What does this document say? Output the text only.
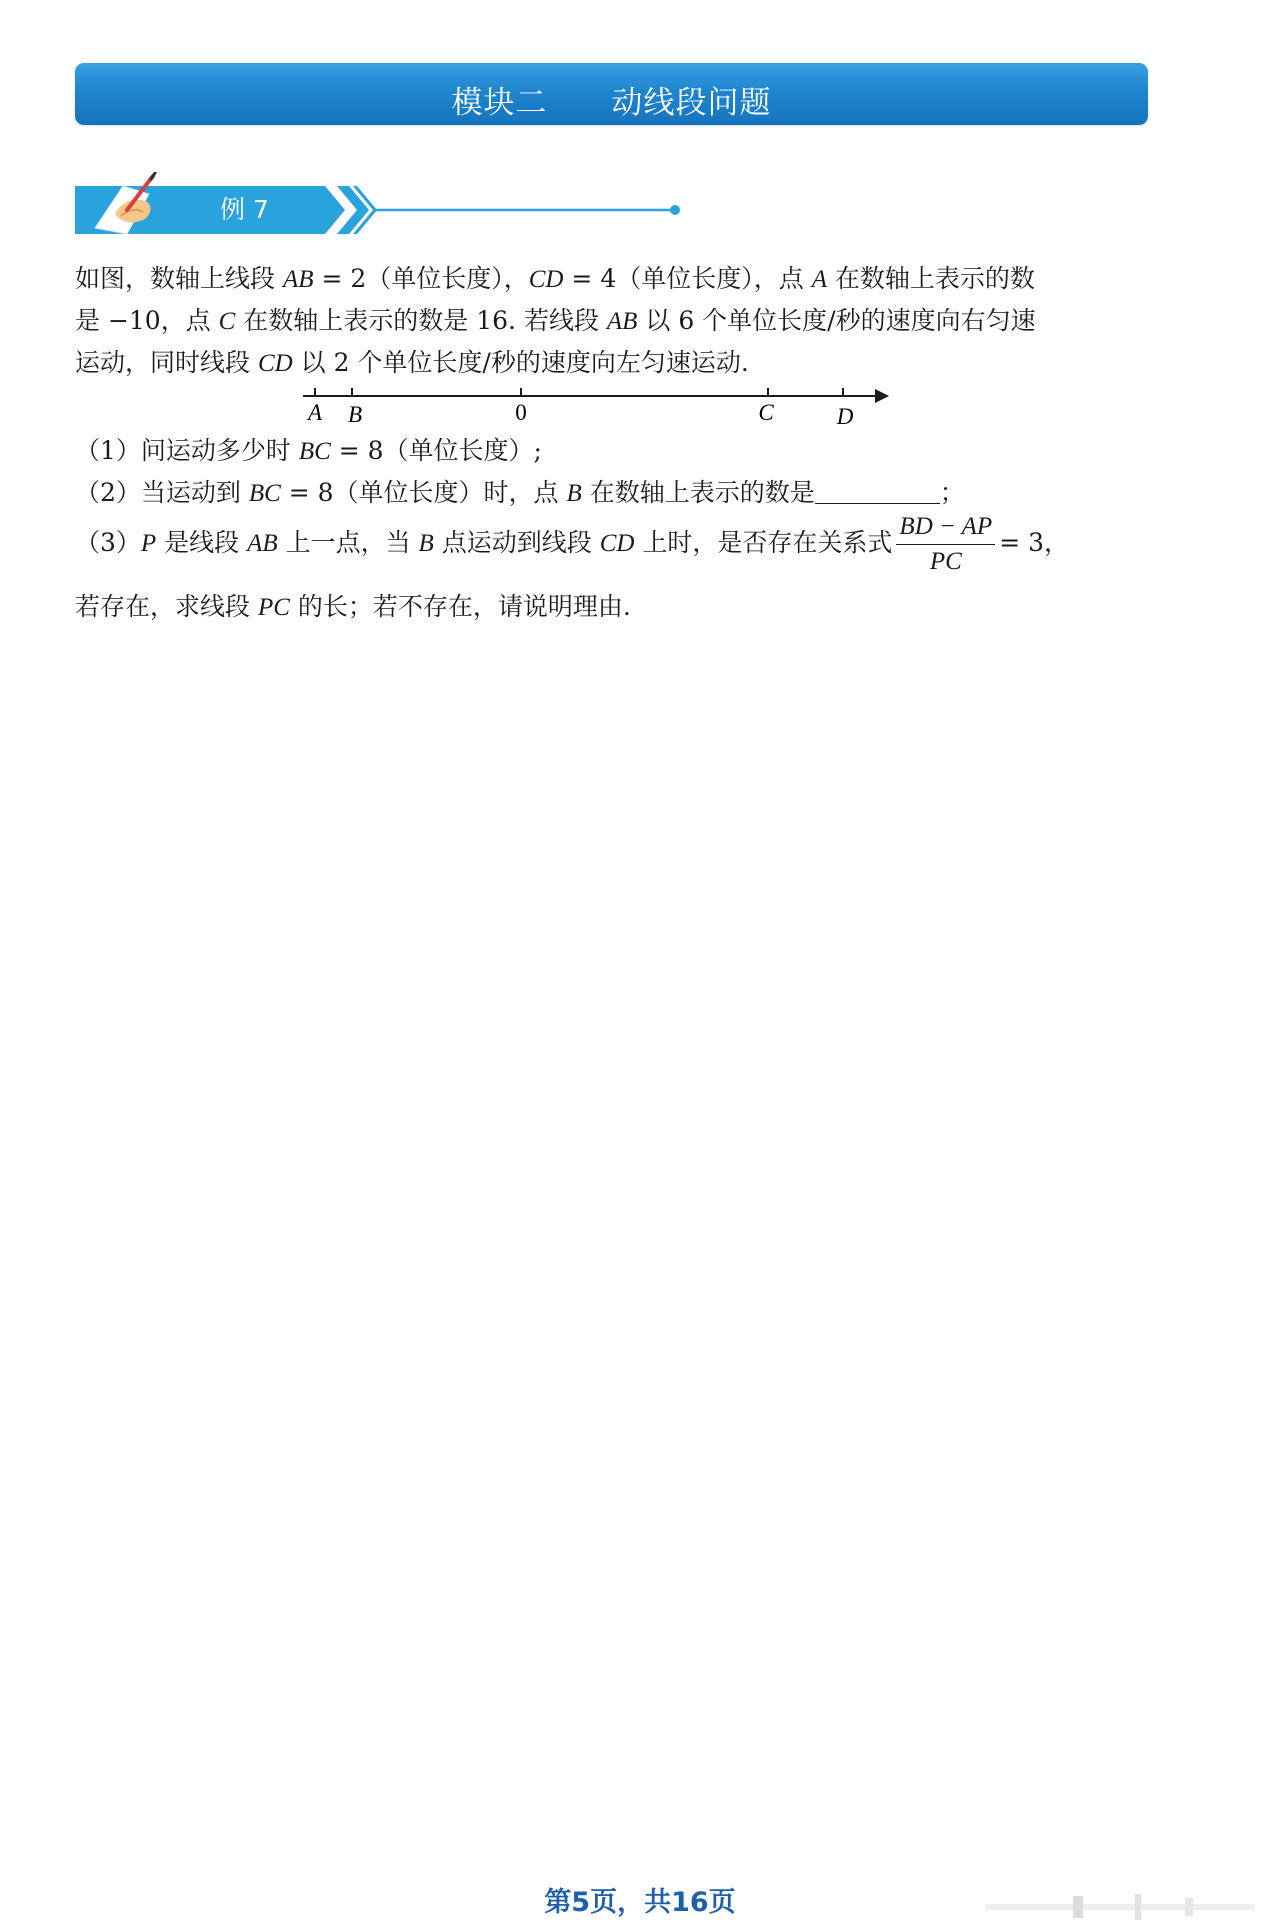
模块二　　动线段问题
例 7

如图，数轴上线段 AB = 2（单位长度），CD = 4（单位长度），点 A 在数轴上表示的数

是 −10，点 C 在数轴上表示的数是 16. 若线段 AB 以 6 个单位长度/秒的速度向右匀速

运动，同时线段 CD 以 2 个单位长度/秒的速度向左匀速运动.

A B	0	C	D
（1）问运动多少时 BC = 8（单位长度）;
（2）当运动到 BC = 8（单位长度）时，点 B 在数轴上表示的数是	；
（3）P 是线段 AB 上一点，当 B 点运动到线段 CD 上时，是否存在关系式 $\frac{BD - AP}{PC} = 3$，
若存在，求线段 PC 的长；若不存在，请说明理由.
第5页，共16页
